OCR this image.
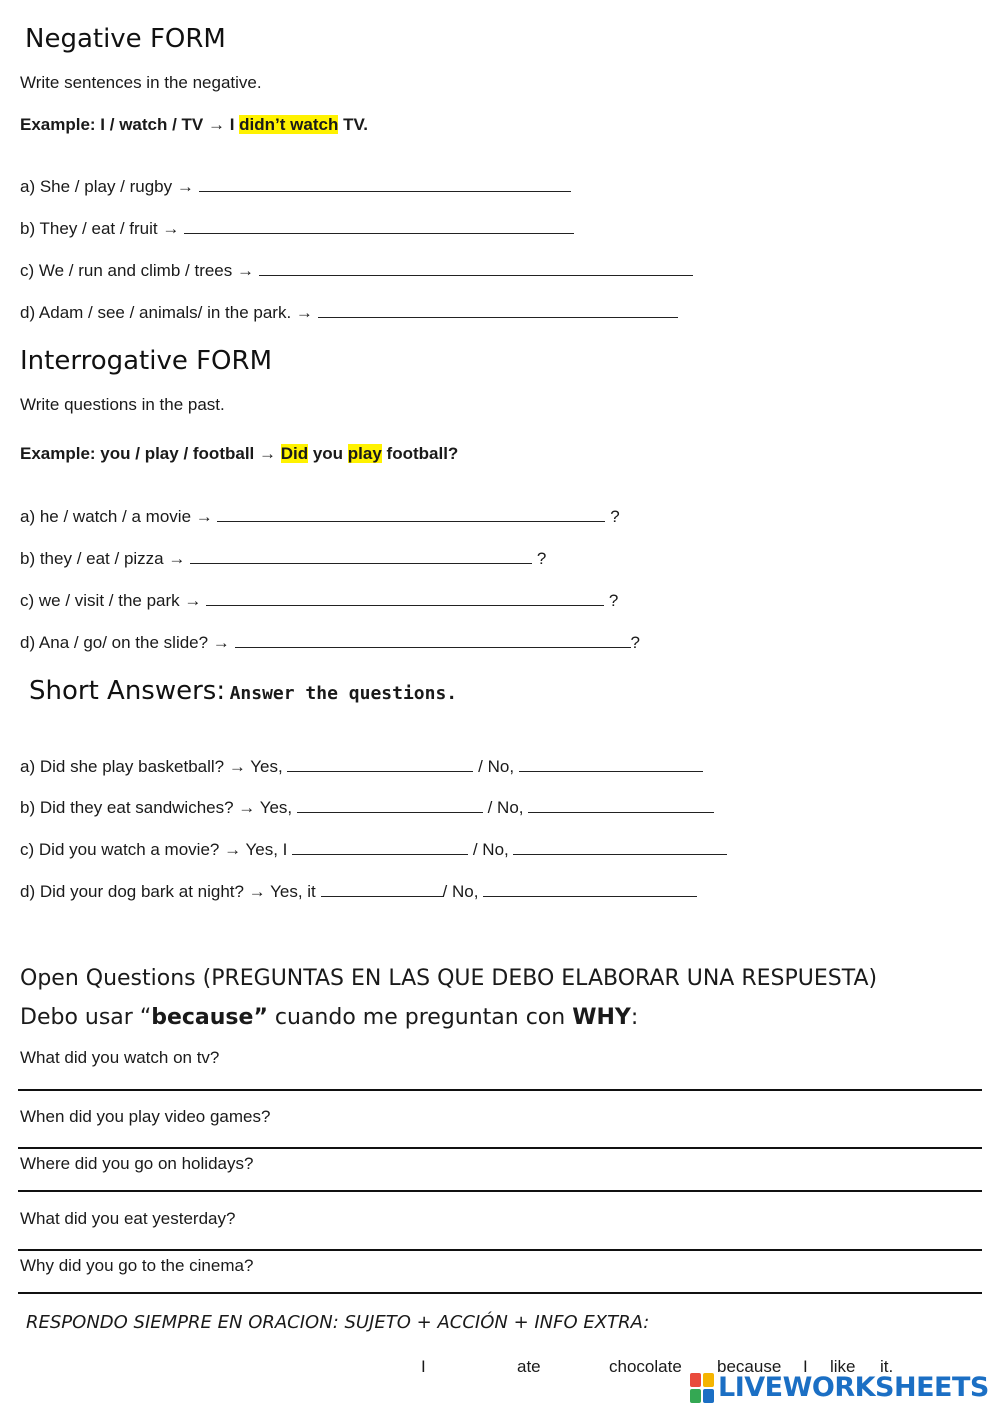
Negative FORM
Write sentences in the negative.
Example: I / watch / TV → I didn’t watch TV.
a) She / play / rugby →
b) They / eat / fruit →
c) We / run and climb / trees →
d) Adam / see / animals/ in the park. →
Interrogative FORM
Write questions in the past.
Example: you / play / football → Did you play football?
a) he / watch / a movie →	?
b) they / eat / pizza →	?
c) we / visit / the park →	?
d) Ana / go/ on the slide? →	?
Short Answers: Answer the questions.
a) Did she play basketball? → Yes,	/ No,
b) Did they eat sandwiches? → Yes,	/ No,
c) Did you watch a movie? → Yes, I	/ No,
d) Did your dog bark at night? → Yes, it	/ No,
Open Questions (PREGUNTAS EN LAS QUE DEBO ELABORAR UNA RESPUESTA)
Debo usar “because” cuando me preguntan con WHY:
What did you watch on tv?
When did you play video games?
Where did you go on holidays?
What did you eat yesterday?
Why did you go to the cinema?
RESPONDO SIEMPRE EN ORACION: SUJETO + ACCIÓN + INFO EXTRA:
I	ate	chocolate because I like it.
LIVEWORKSHEETS
